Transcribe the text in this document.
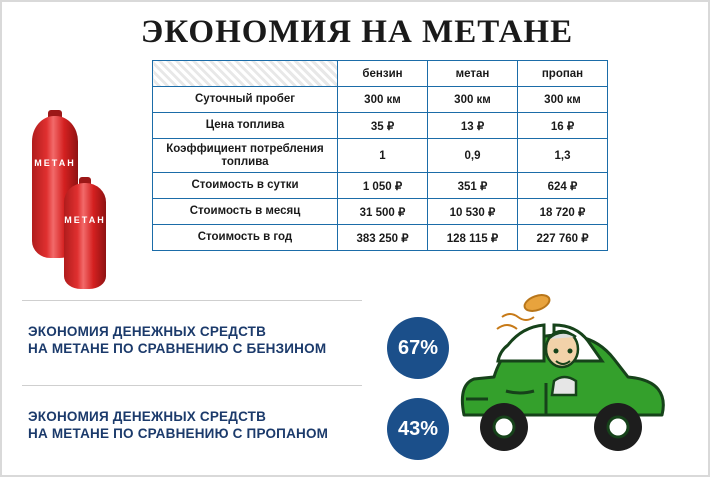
ЭКОНОМИЯ НА МЕТАНЕ
МЕТАН
МЕТАН
	бензин	метан	пропан
Суточный пробег	300 км	300 км	300 км
Цена топлива	35 ₽	13 ₽	16 ₽
Коэффициент потребления топлива	1	0,9	1,3
Стоимость в сутки	1 050 ₽	351 ₽	624 ₽
Стоимость в месяц	31 500 ₽	10 530 ₽	18 720 ₽
Стоимость в год	383 250 ₽	128 115 ₽	227 760 ₽
ЭКОНОМИЯ ДЕНЕЖНЫХ СРЕДСТВ
НА МЕТАНЕ ПО СРАВНЕНИЮ С БЕНЗИНОМ	67%
ЭКОНОМИЯ ДЕНЕЖНЫХ СРЕДСТВ
НА МЕТАНЕ ПО СРАВНЕНИЮ С ПРОПАНОМ	43%
